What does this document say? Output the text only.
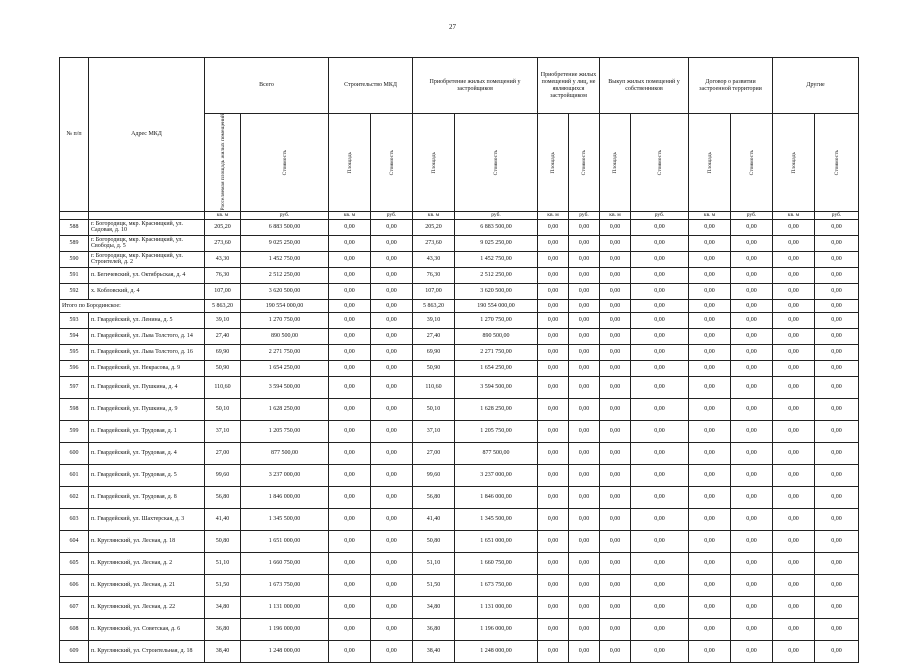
27
№ п/п	Адрес МКД	Всего		Строительство МКД		Приобретение жилых помещений у застройщиков		Приобретение жилых помещений у лиц, не являющихся застройщиком		Выкуп жилых помещений у собственников		Договор о развитии застроенной территории		Другие	

		Расселяемая площадь жилых помещений	Стоимость	Площадь	Стоимость	Площадь	Стоимость	Площадь	Стоимость	Площадь	Стоимость	Площадь	Стоимость	Площадь	Стоимость

		кв. м	руб.	кв. м	руб.	кв. м	руб.	кв. м	руб.	кв. м	руб.	кв. м	руб.	кв. м	руб.
588	г. Богородицк, мкр. Красницкий, ул. Садовая, д. 10	205,20	6 883 500,00	0,00	0,00	205,20	6 883 500,00	0,00	0,00	0,00	0,00	0,00	0,00	0,00	0,00
589	г. Богородицк, мкр. Красницкий, ул. Свободы, д. 5	273,60	9 025 250,00	0,00	0,00	273,60	9 025 250,00	0,00	0,00	0,00	0,00	0,00	0,00	0,00	0,00
590	г. Богородицк, мкр. Красницкий, ул. Строителей, д. 2	43,30	1 452 750,00	0,00	0,00	43,30	1 452 750,00	0,00	0,00	0,00	0,00	0,00	0,00	0,00	0,00
591	п. Бегичевский, ул. Октябрьская, д. 4	76,30	2 512 250,00	0,00	0,00	76,30	2 512 250,00	0,00	0,00	0,00	0,00	0,00	0,00	0,00	0,00
592	х. Кобловский, д. 4	107,00	3 620 500,00	0,00	0,00	107,00	3 620 500,00	0,00	0,00	0,00	0,00	0,00	0,00	0,00	0,00
Итого по Бородинское:		5 863,20	190 554 000,00	0,00	0,00	5 863,20	190 554 000,00	0,00	0,00	0,00	0,00	0,00	0,00	0,00	0,00
593	п. Гвардейский, ул. Ленина, д. 5	39,10	1 270 750,00	0,00	0,00	39,10	1 270 750,00	0,00	0,00	0,00	0,00	0,00	0,00	0,00	0,00
594	п. Гвардейский, ул. Льва Толстого, д. 14	27,40	890 500,00	0,00	0,00	27,40	890 500,00	0,00	0,00	0,00	0,00	0,00	0,00	0,00	0,00
595	п. Гвардейский, ул. Льва Толстого, д. 16	69,90	2 271 750,00	0,00	0,00	69,90	2 271 750,00	0,00	0,00	0,00	0,00	0,00	0,00	0,00	0,00
596	п. Гвардейский, ул. Некрасова, д. 9	50,90	1 654 250,00	0,00	0,00	50,90	1 654 250,00	0,00	0,00	0,00	0,00	0,00	0,00	0,00	0,00
597	п. Гвардейский, ул. Пушкина, д. 4	110,60	3 594 500,00	0,00	0,00	110,60	3 594 500,00	0,00	0,00	0,00	0,00	0,00	0,00	0,00	0,00
598	п. Гвардейский, ул. Пушкина, д. 9	50,10	1 628 250,00	0,00	0,00	50,10	1 628 250,00	0,00	0,00	0,00	0,00	0,00	0,00	0,00	0,00
599	п. Гвардейский, ул. Трудовая, д. 1	37,10	1 205 750,00	0,00	0,00	37,10	1 205 750,00	0,00	0,00	0,00	0,00	0,00	0,00	0,00	0,00
600	п. Гвардейский, ул. Трудовая, д. 4	27,00	877 500,00	0,00	0,00	27,00	877 500,00	0,00	0,00	0,00	0,00	0,00	0,00	0,00	0,00
601	п. Гвардейский, ул. Трудовая, д. 5	99,60	3 237 000,00	0,00	0,00	99,60	3 237 000,00	0,00	0,00	0,00	0,00	0,00	0,00	0,00	0,00
602	п. Гвардейский, ул. Трудовая, д. 8	56,80	1 846 000,00	0,00	0,00	56,80	1 846 000,00	0,00	0,00	0,00	0,00	0,00	0,00	0,00	0,00
603	п. Гвардейский, ул. Шахтерская, д. 3	41,40	1 345 500,00	0,00	0,00	41,40	1 345 500,00	0,00	0,00	0,00	0,00	0,00	0,00	0,00	0,00
604	п. Круглянский, ул. Лесная, д. 18	50,80	1 651 000,00	0,00	0,00	50,80	1 651 000,00	0,00	0,00	0,00	0,00	0,00	0,00	0,00	0,00
605	п. Круглянский, ул. Лесная, д. 2	51,10	1 660 750,00	0,00	0,00	51,10	1 660 750,00	0,00	0,00	0,00	0,00	0,00	0,00	0,00	0,00
606	п. Круглянский, ул. Лесная, д. 21	51,50	1 673 750,00	0,00	0,00	51,50	1 673 750,00	0,00	0,00	0,00	0,00	0,00	0,00	0,00	0,00
607	п. Круглянский, ул. Лесная, д. 22	34,80	1 131 000,00	0,00	0,00	34,80	1 131 000,00	0,00	0,00	0,00	0,00	0,00	0,00	0,00	0,00
608	п. Круглянский, ул. Советская, д. 6	36,80	1 196 000,00	0,00	0,00	36,80	1 196 000,00	0,00	0,00	0,00	0,00	0,00	0,00	0,00	0,00
609	п. Круглянский, ул. Строительная, д. 18	38,40	1 248 000,00	0,00	0,00	38,40	1 248 000,00	0,00	0,00	0,00	0,00	0,00	0,00	0,00	0,00
